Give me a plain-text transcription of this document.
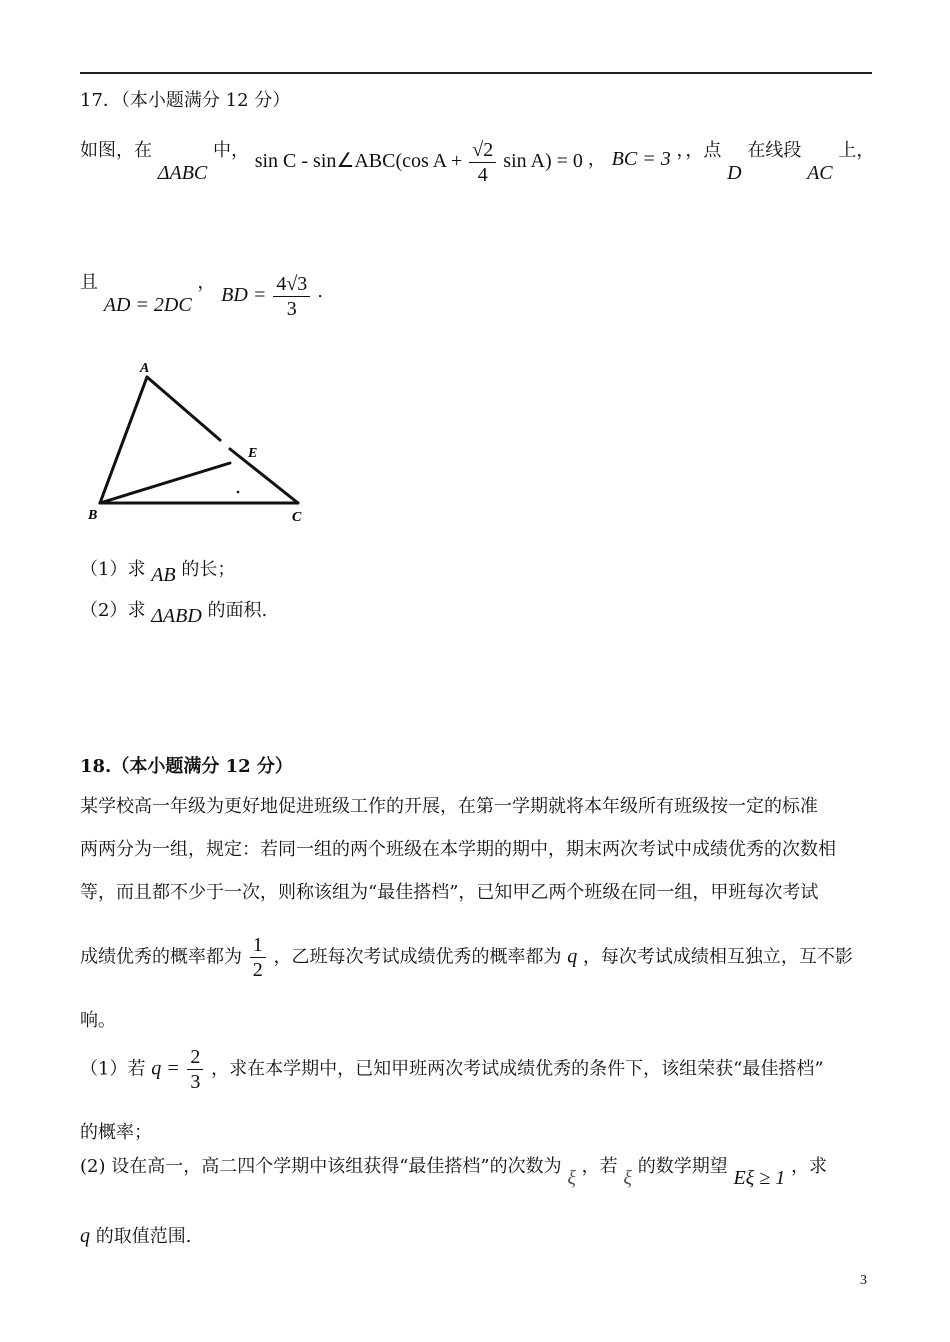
17．（本小题满分 12 分）
如图，在 ΔABC 中， sin C - sin∠ABC(cos $A + \frac{√2}{4}$ sin A) = 0 ， BC = 3 ，，点 D 在线段 AC 上，
且 AD = 2DC ， BD = $\frac{4√3}{3}$ .
A
B	C
E
（1）求 AB 的长；
（2）求 ΔABD 的面积.
18.（本小题满分 12 分）
某学校高一年级为更好地促进班级工作的开展，在第一学期就将本年级所有班级按一定的标准
两两分为一组，规定：若同一组的两个班级在本学期的期中，期末两次考试中成绩优秀的次数相
等，而且都不少于一次，则称该组为“最佳搭档”，已知甲乙两个班级在同一组，甲班每次考试
成绩优秀的概率都为 $\frac{1}{2}$ ，乙班每次考试成绩优秀的概率都为 q ，每次考试成绩相互独立，互不影
响。
（1）若 $q = \frac{2}{3}$ ，求在本学期中，已知甲班两次考试成绩优秀的条件下，该组荣获“最佳搭档”
的概率；
(2) 设在高一，高二四个学期中该组获得“最佳搭档”的次数为 ξ ，若 ξ 的数学期望 Eξ ≥ 1 ，求
q 的取值范围.
3
